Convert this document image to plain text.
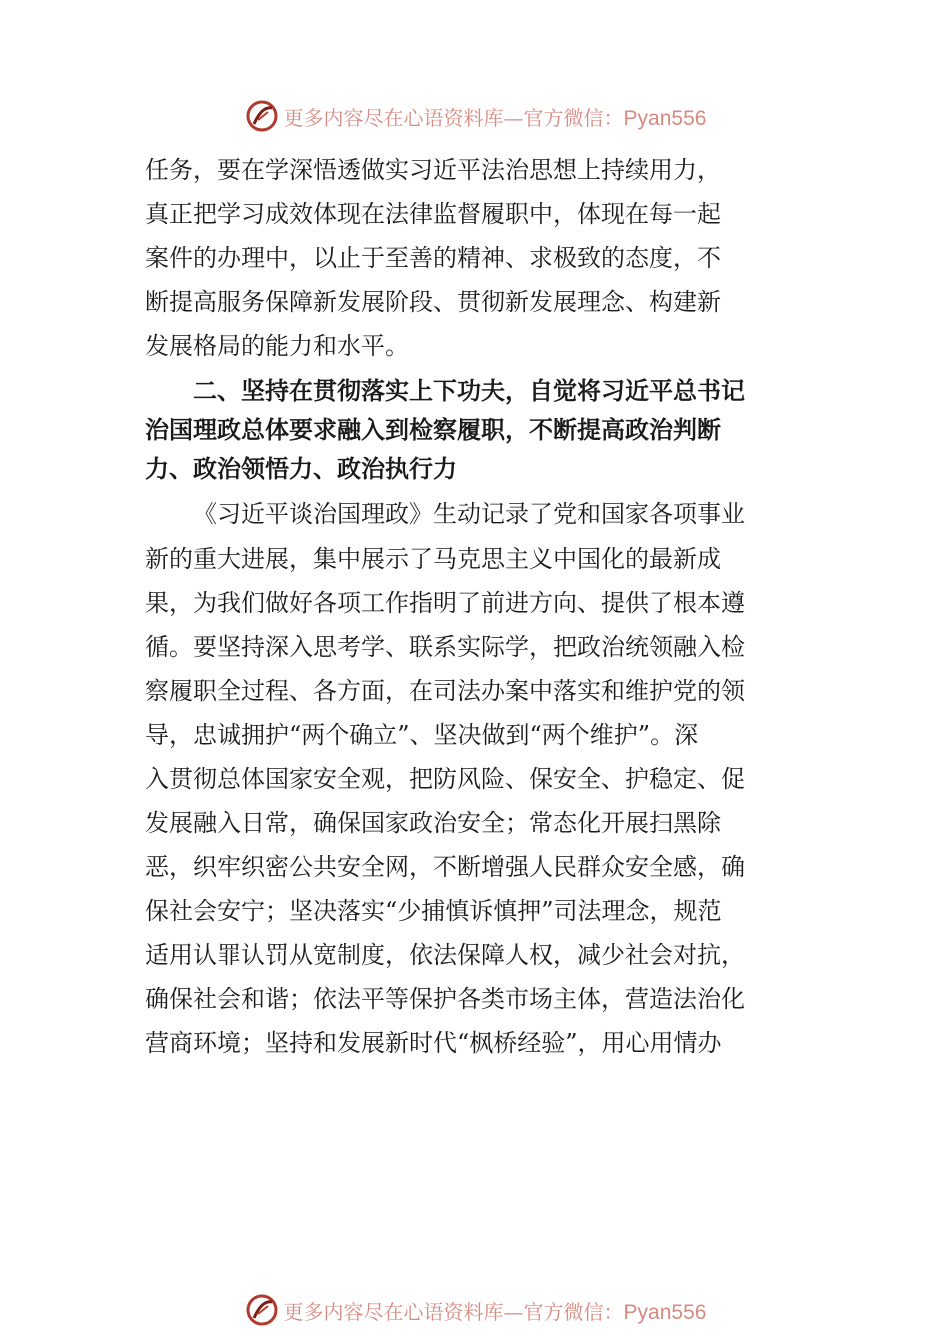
更多内容尽在心语资料库—官方微信：Pyan556

任务，要在学深悟透做实习近平法治思想上持续用力，
真正把学习成效体现在法律监督履职中，体现在每一起
案件的办理中，以止于至善的精神、求极致的态度，不
断提高服务保障新发展阶段、贯彻新发展理念、构建新
发展格局的能力和水平。

二、坚持在贯彻落实上下功夫，自觉将习近平总书记
治国理政总体要求融入到检察履职，不断提高政治判断
力、政治领悟力、政治执行力

《习近平谈治国理政》生动记录了党和国家各项事业
新的重大进展，集中展示了马克思主义中国化的最新成
果，为我们做好各项工作指明了前进方向、提供了根本遵
循。要坚持深入思考学、联系实际学，把政治统领融入检
察履职全过程、各方面，在司法办案中落实和维护党的领
导，忠诚拥护“两个确立”、坚决做到“两个维护”。深
入贯彻总体国家安全观，把防风险、保安全、护稳定、促
发展融入日常，确保国家政治安全；常态化开展扫黑除
恶，织牢织密公共安全网，不断增强人民群众安全感，确
保社会安宁；坚决落实“少捕慎诉慎押”司法理念，规范
适用认罪认罚从宽制度，依法保障人权，减少社会对抗，
确保社会和谐；依法平等保护各类市场主体，营造法治化
营商环境；坚持和发展新时代“枫桥经验”，用心用情办

更多内容尽在心语资料库—官方微信：Pyan556
